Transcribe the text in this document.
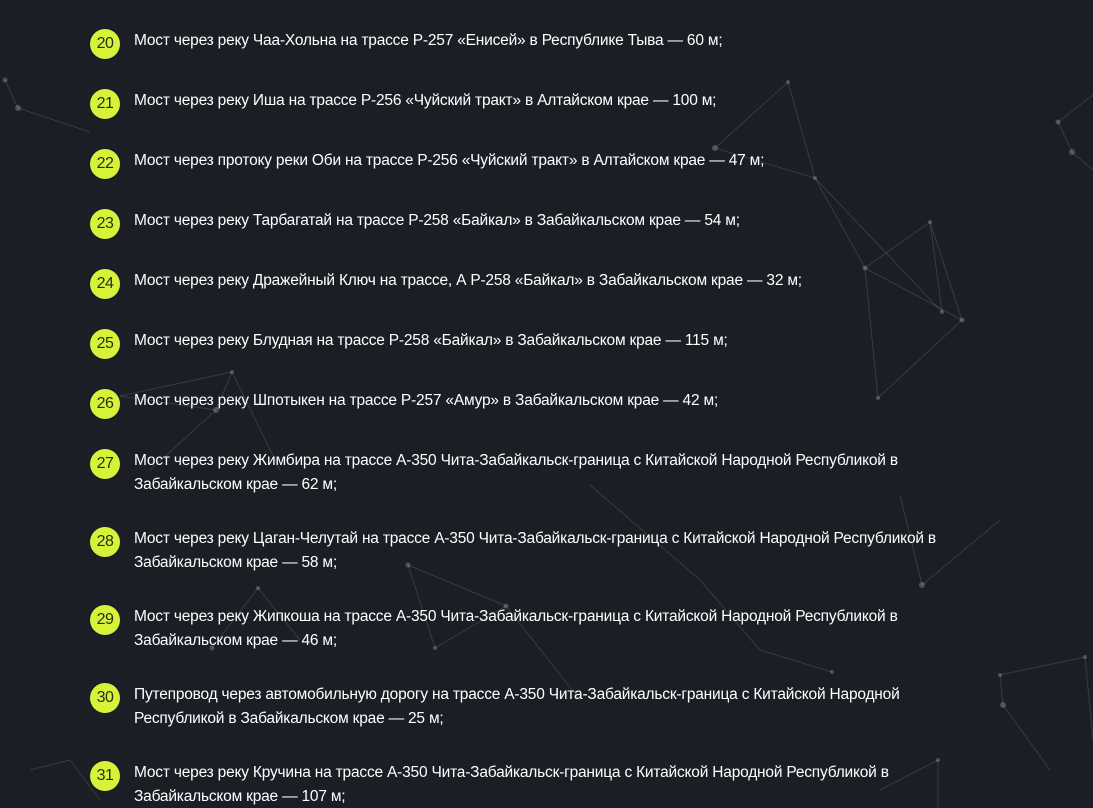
20	Мост через реку Чаа-Хольна на трассе Р-257 «Енисей» в Республике Тыва — 60 м;
21	Мост через реку Иша на трассе Р-256 «Чуйский тракт» в Алтайском крае — 100 м;
22	Мост через протоку реки Оби на трассе Р-256 «Чуйский тракт» в Алтайском крае — 47 м;
23	Мост через реку Тарбагатай на трассе Р-258 «Байкал» в Забайкальском крае — 54 м;
24	Мост через реку Дражейный Ключ на трассе, А Р-258 «Байкал» в Забайкальском крае — 32 м;
25	Мост через реку Блудная на трассе Р-258 «Байкал» в Забайкальском крае — 115 м;
26	Мост через реку Шпотыкен на трассе Р-257 «Амур» в Забайкальском крае — 42 м;
27	Мост через реку Жимбира на трассе А-350 Чита-Забайкальск-граница с Китайской Народной Республикой в Забайкальском крае — 62 м;
28	Мост через реку Цаган-Челутай на трассе А-350 Чита-Забайкальск-граница с Китайской Народной Республикой в Забайкальском крае — 58 м;
29	Мост через реку Жипкоша на трассе А-350 Чита-Забайкальск-граница с Китайской Народной Республикой в Забайкальском крае — 46 м;
30	Путепровод через автомобильную дорогу на трассе А-350 Чита-Забайкальск-граница с Китайской Народной Республикой в Забайкальском крае — 25 м;
31	Мост через реку Кручина на трассе А-350 Чита-Забайкальск-граница с Китайской Народной Республикой в Забайкальском крае — 107 м;
